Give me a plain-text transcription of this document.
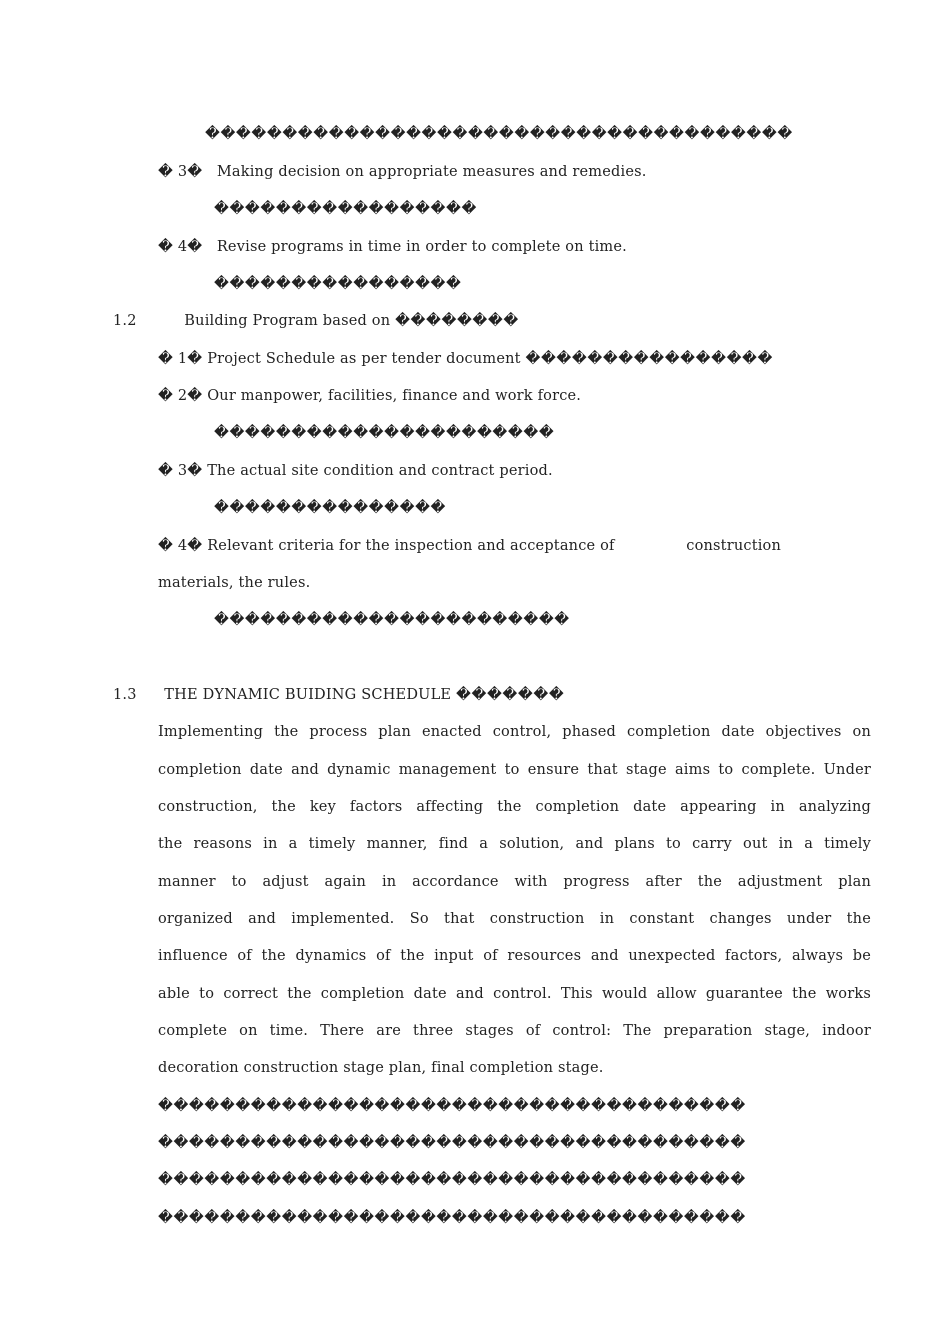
��������������������������������������
� 3� Making decision on appropriate measures and remedies.
�����������������
� 4� Revise programs in time in order to complete on time.
����������������
1.2	Building Program based on ��������
� 1� Project Schedule as per tender document ����������������
� 2� Our manpower, facilities, finance and work force.
����������������������
� 3� The actual site condition and contract period.
���������������
� 4� Relevant criteria for the inspection and acceptance of	construction
materials, the rules.
�����������������������
1.3 THE DYNAMIC BUIDING SCHEDULE �������
Implementing the process plan enacted control, phased completion date objectives on
completion date and dynamic management to ensure that stage aims to complete. Under
construction, the key factors affecting the completion date appearing in analyzing
the reasons in a timely manner, find a solution, and plans to carry out in a timely
manner to adjust again in accordance with progress after the adjustment plan
organized and implemented. So that construction in constant changes under the
influence of the dynamics of the input of resources and unexpected factors, always be
able to correct the completion date and control. This would allow guarantee the works
complete on time. There are three stages of control: The preparation stage, indoor
decoration construction stage plan, final completion stage.
��������������������������������������
��������������������������������������
��������������������������������������
��������������������������������������
